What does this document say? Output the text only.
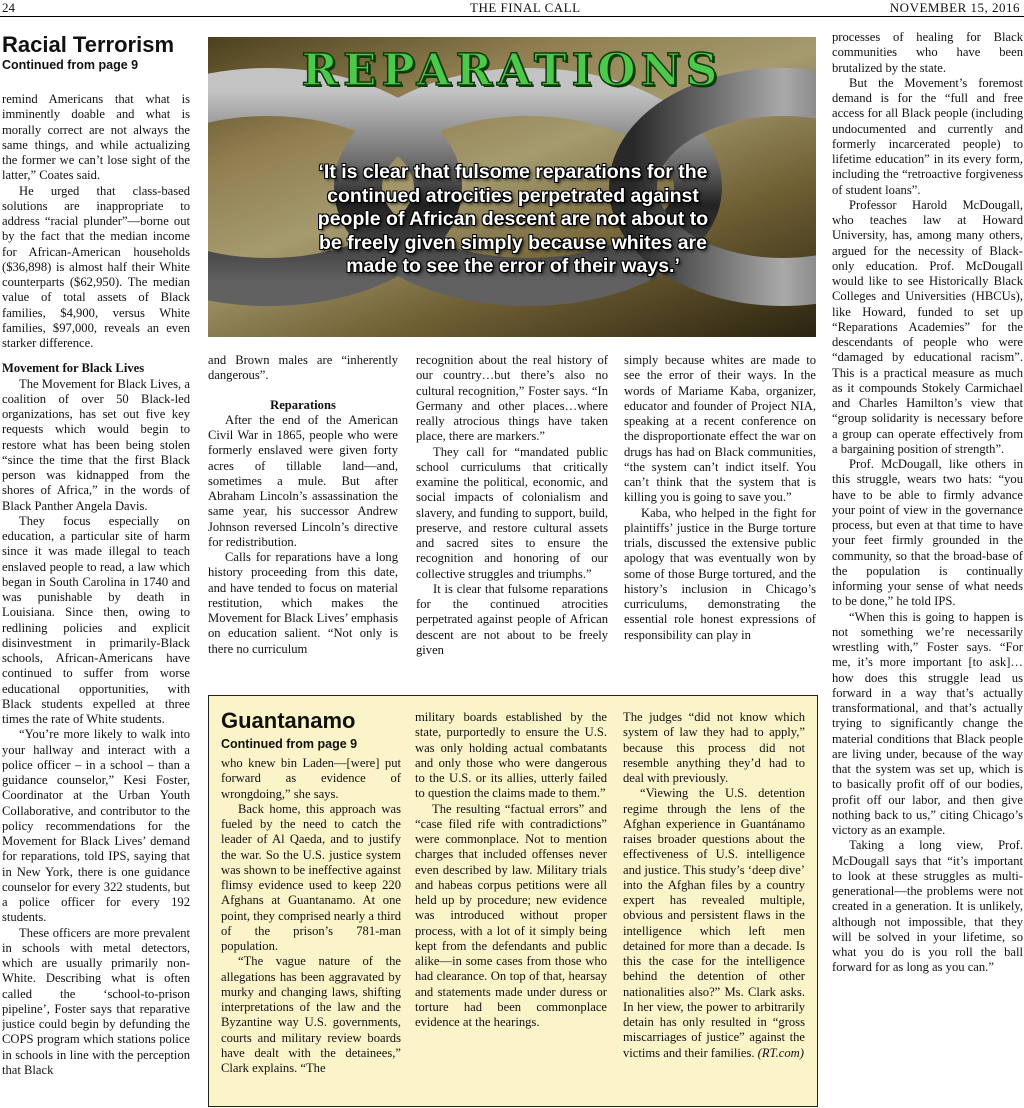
24	THE FINAL CALL	NOVEMBER 15, 2016
Racial Terrorism
Continued from page 9

remind Americans that what is imminently doable and what is morally correct are not always the same things, and while actualizing the former we can’t lose sight of the latter,” Coates said.

He urged that class-based solutions are inappropriate to address “racial plunder”—borne out by the fact that the median income for African-American households ($36,898) is almost half their White counterparts ($62,950). The median value of total assets of Black families, $4,900, versus White families, $97,000, reveals an even starker difference.

Movement for Black Lives

The Movement for Black Lives, a coalition of over 50 Black-led organizations, has set out five key requests which would begin to restore what has been being stolen “since the time that the first Black person was kidnapped from the shores of Africa,” in the words of Black Panther Angela Davis.

They focus especially on education, a particular site of harm since it was made illegal to teach enslaved people to read, a law which began in South Carolina in 1740 and was punishable by death in Louisiana. Since then, owing to redlining policies and explicit disinvestment in primarily-Black schools, African-Americans have continued to suffer from worse educational opportunities, with Black students expelled at three times the rate of White students.

“You’re more likely to walk into your hallway and interact with a police officer – in a school – than a guidance counselor,” Kesi Foster, Coordinator at the Urban Youth Collaborative, and contributor to the policy recommendations for the Movement for Black Lives’ demand for reparations, told IPS, saying that in New York, there is one guidance counselor for every 322 students, but a police officer for every 192 students.

These officers are more prevalent in schools with metal detectors, which are usually primarily non-White. Describing what is often called the ‘school-to-prison pipeline’, Foster says that reparative justice could begin by defunding the COPS program which stations police in schools in line with the perception that Black

REPARATIONS
‘It is clear that fulsome reparations for the continued atrocities perpetrated against people of African descent are not about to be freely given simply because whites are made to see the error of their ways.’

and Brown males are “inherently dangerous”.

Reparations

After the end of the American Civil War in 1865, people who were formerly enslaved were given forty acres of tillable land—and, sometimes a mule. But after Abraham Lincoln’s assassination the same year, his successor Andrew Johnson reversed Lincoln’s directive for redistribution.

Calls for reparations have a long history proceeding from this date, and have tended to focus on material restitution, which makes the Movement for Black Lives’ emphasis on education salient. “Not only is there no curriculum

recognition about the real history of our country…but there’s also no cultural recognition,” Foster says. “In Germany and other places…where really atrocious things have taken place, there are markers.”

They call for “mandated public school curriculums that critically examine the political, economic, and social impacts of colonialism and slavery, and funding to support, build, preserve, and restore cultural assets and sacred sites to ensure the recognition and honoring of our collective struggles and triumphs.”

It is clear that fulsome reparations for the continued atrocities perpetrated against people of African descent are not about to be freely given

simply because whites are made to see the error of their ways. In the words of Mariame Kaba, organizer, educator and founder of Project NIA, speaking at a recent conference on the disproportionate effect the war on drugs has had on Black communities, “the system can’t indict itself. You can’t think that the system that is killing you is going to save you.”

Kaba, who helped in the fight for plaintiffs’ justice in the Burge torture trials, discussed the extensive public apology that was eventually won by some of those Burge tortured, and the history’s inclusion in Chicago’s curriculums, demonstrating the essential role honest expressions of responsibility can play in

processes of healing for Black communities who have been brutalized by the state.

But the Movement’s foremost demand is for the “full and free access for all Black people (including undocumented and currently and formerly incarcerated people) to lifetime education” in its every form, including the “retroactive forgiveness of student loans”.

Professor Harold McDougall, who teaches law at Howard University, has, among many others, argued for the necessity of Black-only education. Prof. McDougall would like to see Historically Black Colleges and Universities (HBCUs), like Howard, funded to set up “Reparations Academies” for the descendants of people who were “damaged by educational racism”. This is a practical measure as much as it compounds Stokely Carmichael and Charles Hamilton’s view that “group solidarity is necessary before a group can operate effectively from a bargaining position of strength”.

Prof. McDougall, like others in this struggle, wears two hats: “you have to be able to firmly advance your point of view in the governance process, but even at that time to have your feet firmly grounded in the community, so that the broad-base of the population is continually informing your sense of what needs to be done,” he told IPS.

“When this is going to happen is not something we’re necessarily wrestling with,” Foster says. “For me, it’s more important [to ask]…how does this struggle lead us forward in a way that’s actually transformational, and that’s actually trying to significantly change the material conditions that Black people are living under, because of the way that the system was set up, which is to basically profit off of our bodies, profit off our labor, and then give nothing back to us,” citing Chicago’s victory as an example.

Taking a long view, Prof. McDougall says that “it’s important to look at these struggles as multi-generational—the problems were not created in a generation. It is unlikely, although not impossible, that they will be solved in your lifetime, so what you do is you roll the ball forward for as long as you can.”

Guantanamo
Continued from page 9

who knew bin Laden—[were] put forward as evidence of wrongdoing,” she says.

Back home, this approach was fueled by the need to catch the leader of Al Qaeda, and to justify the war. So the U.S. justice system was shown to be ineffective against flimsy evidence used to keep 220 Afghans at Guantanamo. At one point, they comprised nearly a third of the prison’s 781-man population.

“The vague nature of the allegations has been aggravated by murky and changing laws, shifting interpretations of the law and the Byzantine way U.S. governments, courts and military review boards have dealt with the detainees,” Clark explains. “The

military boards established by the state, purportedly to ensure the U.S. was only holding actual combatants and only those who were dangerous to the U.S. or its allies, utterly failed to question the claims made to them.”

The resulting “factual errors” and “case filed rife with contradictions” were commonplace. Not to mention charges that included offenses never even described by law. Military trials and habeas corpus petitions were all held up by procedure; new evidence was introduced without proper process, with a lot of it simply being kept from the defendants and public alike—in some cases from those who had clearance. On top of that, hearsay and statements made under duress or torture had been commonplace evidence at the hearings.

The judges “did not know which system of law they had to apply,” because this process did not resemble anything they’d had to deal with previously.

“Viewing the U.S. detention regime through the lens of the Afghan experience in Guantánamo raises broader questions about the effectiveness of U.S. intelligence and justice. This study’s ‘deep dive’ into the Afghan files by a country expert has revealed multiple, obvious and persistent flaws in the intelligence which left men detained for more than a decade. Is this the case for the intelligence behind the detention of other nationalities also?” Ms. Clark asks. In her view, the power to arbitrarily detain has only resulted in “gross miscarriages of justice” against the victims and their families. (RT.com)
